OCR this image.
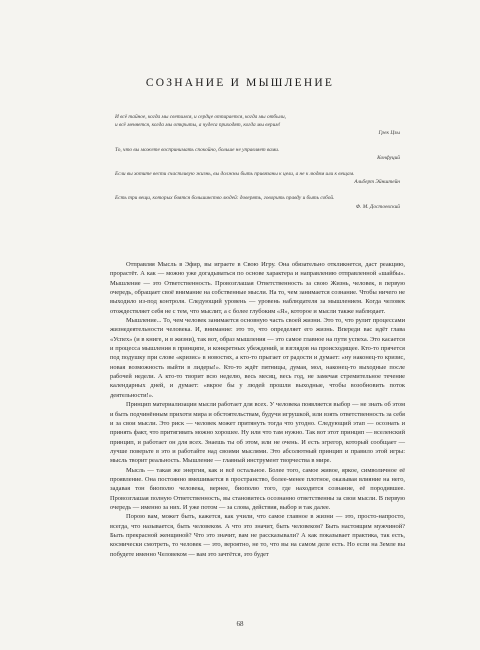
СОЗНАНИЕ И МЫШЛЕНИЕ

И всё тайное, когда мы светимся, и сердце отпирается, когда мы отбыли,

и всё меняется, когда мы открыты, а чудеса приходят, когда мы верим!

Грек Цзы

То, что вы можете воспринимать спокойно, больше не управляет вами.

Конфуций

Если вы хотите вести счастливую жизнь, вы должны быть привязаны к цели, а не к людям или к вещам.

Альберт Эйнштейн

Есть три вещи, которых боятся большинство людей: доверять, говорить правду и быть собой.

Ф. М. Достоевский

Отправляя Мысль в Эфир, вы играете в Свою Игру. Она обязательно откликнется, даст реакцию, прорастёт. А как — можно уже догадываться по основе характера и направлению отправленной «шайбы». Мышление — это Ответственность. Провозглашая Ответственность за свою Жизнь, человек, в первую очередь, обращает своё внимание на собственные мысли. На то, чем занимается сознание. Чтобы ничего не выходило из-под контроля. Следующий уровень — уровень наблюдателя за мышлением. Когда человек отождествляет себя не с тем, что мыслит, а с более глубоким «Я», которое и мысли также наблюдает.

Мышление... То, чем человек занимается основную часть своей жизни. Это то, что рулит процессами жизнедеятельности человека. И, внимание: это то, что определяет его жизнь. Впереди вас идёт глава «Успех» (и в книге, и в жизни), так вот, образ мышления — это самое главное на пути успеха. Это касается и процесса мышления в принципе, и конкретных убеждений, и взглядов на происходящее. Кто-то прячется под подушку при слове «кризис» в новостях, а кто-то прыгает от радости и думает: «ну наконец-то кризис, новая возможность выйти в лидеры!». Кто-то ждёт пятницы, думая, мол, наконец-то выходные после рабочей недели. А кто-то творит всю неделю, весь месяц, весь год, не замечая стремительное течение календарных дней, и думает: «вкрое бы у людей прошли выходные, чтобы возобновить поток деятельности!».

Принцип материализации мысли работает для всех. У человека появляется выбор — не знать об этом и быть подчинённым прихоти мира и обстоятельствам, будучи игрушкой, или взять ответственность за себя и за свои мысли. Это риск — человек может притянуть тогда что угодно. Следующий этап — осознать и принять факт, что притягивать можно хорошее. Ну или что там нужно. Так вот этот принцип — вселенский принцип, и работает он для всех. Знаешь ты об этом, или не очень. И есть эгрегор, который сообщает — лучше поверьте в это и работайте над своими мыслями. Это абсолютный принцип и правило этой игры: мысль творит реальность. Мышление — главный инструмент творчества в мире.

Мысль — такая же энергия, как и всё остальное. Более того, самое живое, яркое, символичное её проявление. Она постоянно вмешивается в пространство, более-менее плотное, оказывая влияние на него, задавая тон биополю человека, вернее, биополю того, где находится сознание, её породившее. Провозглашая полную Ответственность, вы становитесь осознанно ответственны за свои мысли. В первую очередь — именно за них. И уже потом — за слова, действия, выбор и так далее.

Порою вам, может быть, кажется, как учили, что самое главное в жизни — это, просто-напросто, всегда, что называется, быть человеком. А что это значит, быть человеком? Быть настоящим мужчиной? Быть прекрасной женщиной? Что это значит, вам не рассказывали? А как показывает практика, так есть, космически смотреть, то человек — это, вероятно, не то, что вы на самом деле есть. Но если на Земле вы побудете именно Человеком — вам это зачтётся, это будет

68
